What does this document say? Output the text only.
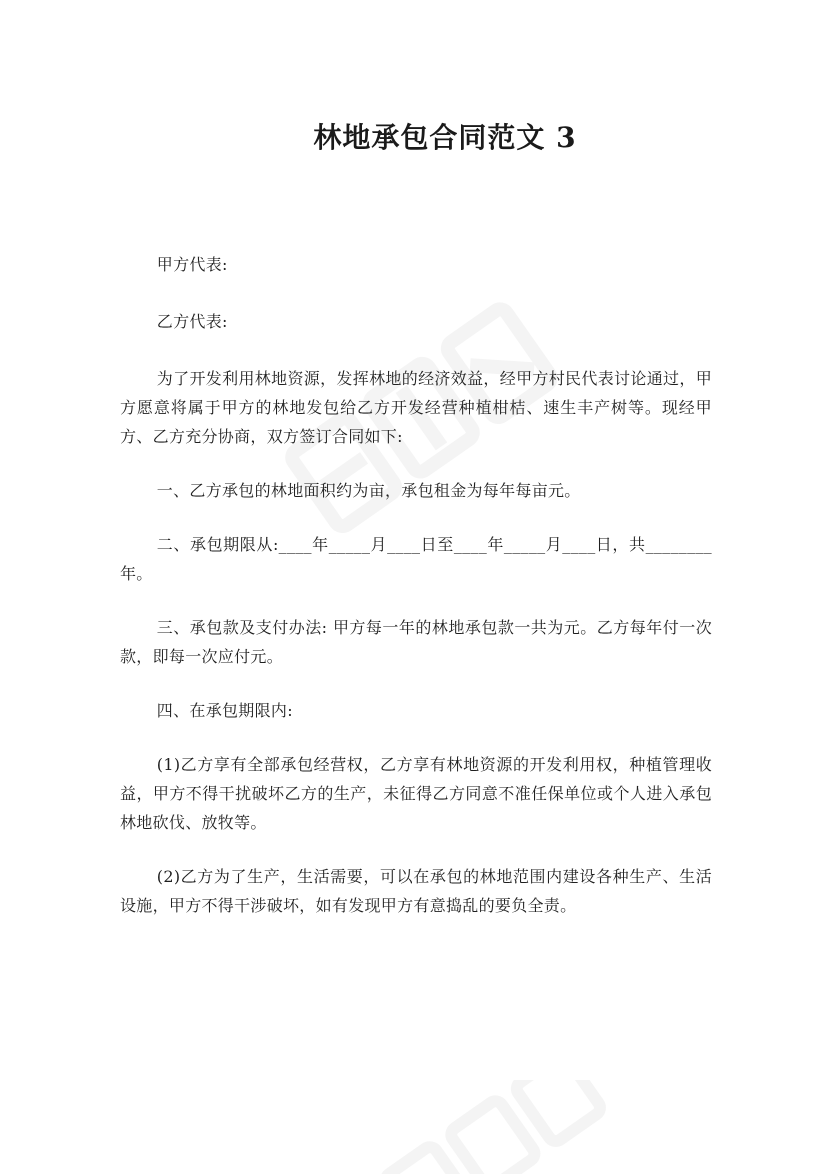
林地承包合同范文 3

甲方代表:

乙方代表:

为了开发利用林地资源，发挥林地的经济效益，经甲方村民代表讨论通过，甲方愿意将属于甲方的林地发包给乙方开发经营种植柑桔、速生丰产树等。现经甲方、乙方充分协商，双方签订合同如下:

一、乙方承包的林地面积约为亩，承包租金为每年每亩元。

二、承包期限从:____年_____月____日至____年_____月____日，共________年。

三、承包款及支付办法: 甲方每一年的林地承包款一共为元。乙方每年付一次款，即每一次应付元。

四、在承包期限内:

(1)乙方享有全部承包经营权，乙方享有林地资源的开发利用权，种植管理收益，甲方不得干扰破坏乙方的生产，未征得乙方同意不准任保单位或个人进入承包林地砍伐、放牧等。

(2)乙方为了生产，生活需要，可以在承包的林地范围内建设各种生产、生活设施，甲方不得干涉破坏，如有发现甲方有意捣乱的要负全责。
